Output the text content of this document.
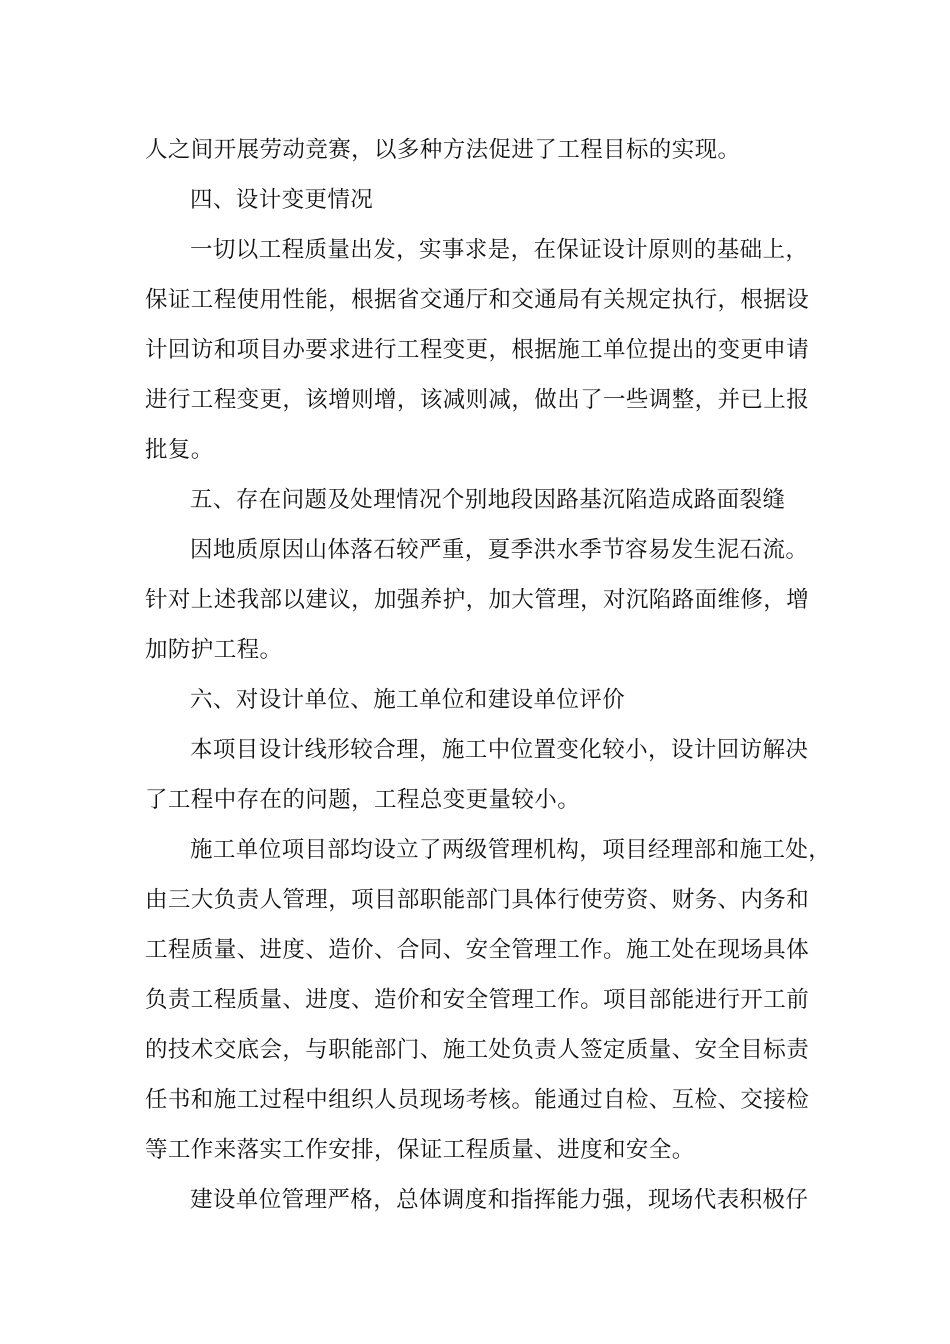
人之间开展劳动竞赛，以多种方法促进了工程目标的实现。
四、设计变更情况
一切以工程质量出发，实事求是，在保证设计原则的基础上，
保证工程使用性能，根据省交通厅和交通局有关规定执行，根据设
计回访和项目办要求进行工程变更，根据施工单位提出的变更申请
进行工程变更，该增则增，该减则减，做出了一些调整，并已上报
批复。
五、存在问题及处理情况个别地段因路基沉陷造成路面裂缝
因地质原因山体落石较严重，夏季洪水季节容易发生泥石流。
针对上述我部以建议，加强养护，加大管理，对沉陷路面维修，增
加防护工程。
六、对设计单位、施工单位和建设单位评价
本项目设计线形较合理，施工中位置变化较小，设计回访解决
了工程中存在的问题，工程总变更量较小。
施工单位项目部均设立了两级管理机构，项目经理部和施工处，
由三大负责人管理，项目部职能部门具体行使劳资、财务、内务和
工程质量、进度、造价、合同、安全管理工作。施工处在现场具体
负责工程质量、进度、造价和安全管理工作。项目部能进行开工前
的技术交底会，与职能部门、施工处负责人签定质量、安全目标责
任书和施工过程中组织人员现场考核。能通过自检、互检、交接检
等工作来落实工作安排，保证工程质量、进度和安全。
建设单位管理严格，总体调度和指挥能力强，现场代表积极仔
